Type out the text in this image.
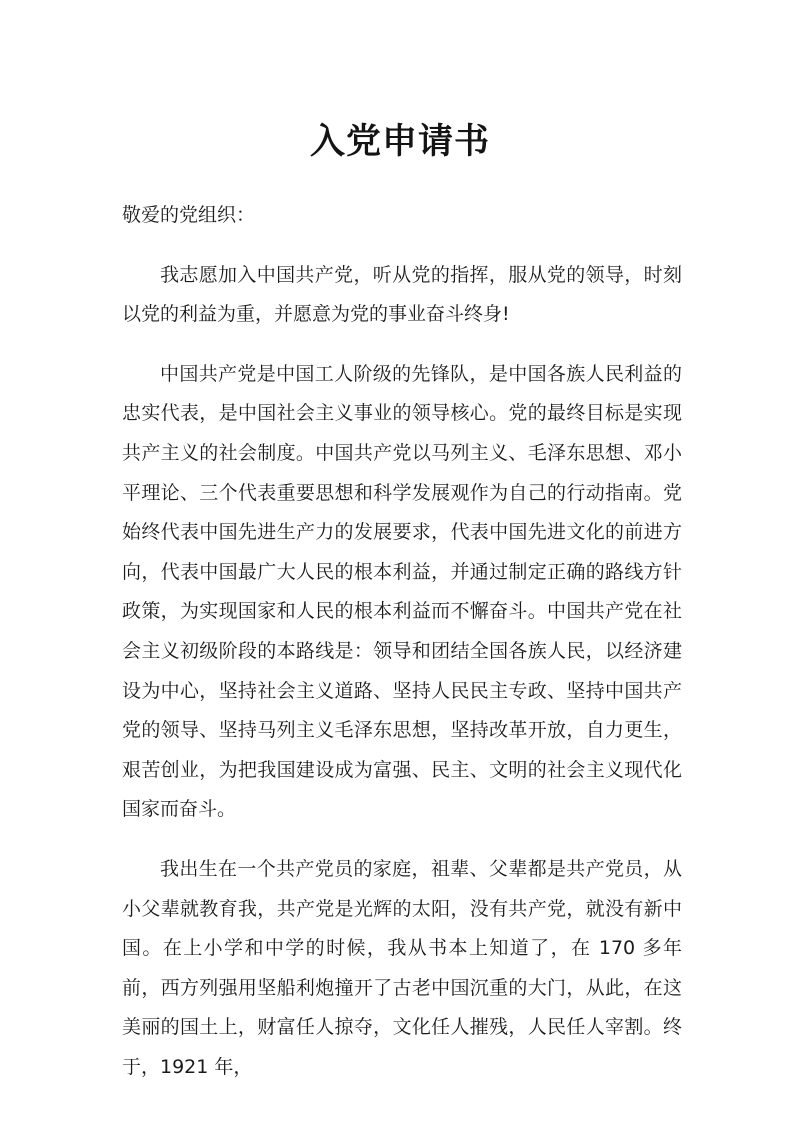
入党申请书

敬爱的党组织：

我志愿加入中国共产党，听从党的指挥，服从党的领导，时刻以党的利益为重，并愿意为党的事业奋斗终身!

中国共产党是中国工人阶级的先锋队，是中国各族人民利益的忠实代表，是中国社会主义事业的领导核心。党的最终目标是实现共产主义的社会制度。中国共产党以马列主义、毛泽东思想、邓小平理论、三个代表重要思想和科学发展观作为自己的行动指南。党始终代表中国先进生产力的发展要求，代表中国先进文化的前进方向，代表中国最广大人民的根本利益，并通过制定正确的路线方针政策，为实现国家和人民的根本利益而不懈奋斗。中国共产党在社会主义初级阶段的本路线是：领导和团结全国各族人民，以经济建设为中心，坚持社会主义道路、坚持人民民主专政、坚持中国共产党的领导、坚持马列主义毛泽东思想，坚持改革开放，自力更生，艰苦创业，为把我国建设成为富强、民主、文明的社会主义现代化国家而奋斗。

我出生在一个共产党员的家庭，祖辈、父辈都是共产党员，从小父辈就教育我，共产党是光辉的太阳，没有共产党，就没有新中国。在上小学和中学的时候，我从书本上知道了，在 170 多年前，西方列强用坚船利炮撞开了古老中国沉重的大门，从此，在这美丽的国土上，财富任人掠夺，文化任人摧残，人民任人宰割。终于，1921 年，
